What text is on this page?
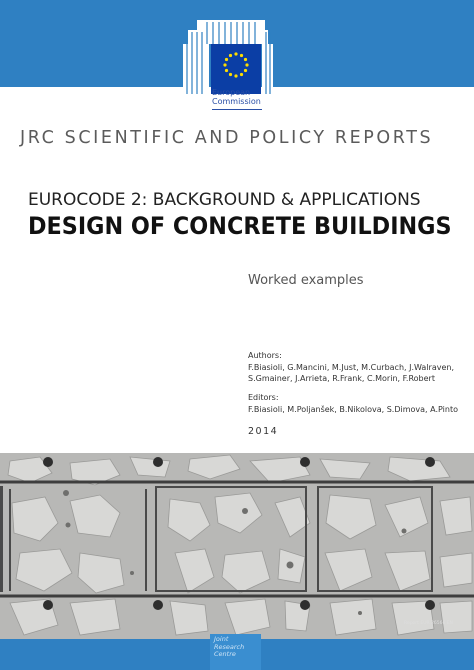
European
Commission
JRC SCIENTIFIC AND POLICY REPORTS
EUROCODE 2: BACKGROUND & APPLICATIONS
DESIGN OF CONCRETE BUILDINGS
Worked examples
Authors:
F.Biasioli, G.Mancini, M.Just, M.Curbach, J.Walraven,
S.Gmainer, J.Arrieta, R.Frank, C.Morin, F.Robert
Editors:
F.Biasioli, M.Poljanšek, B.Nikolova, S.Dimova, A.Pinto
2014
Report EUR 26566 EN
Joint
Research
Centre
